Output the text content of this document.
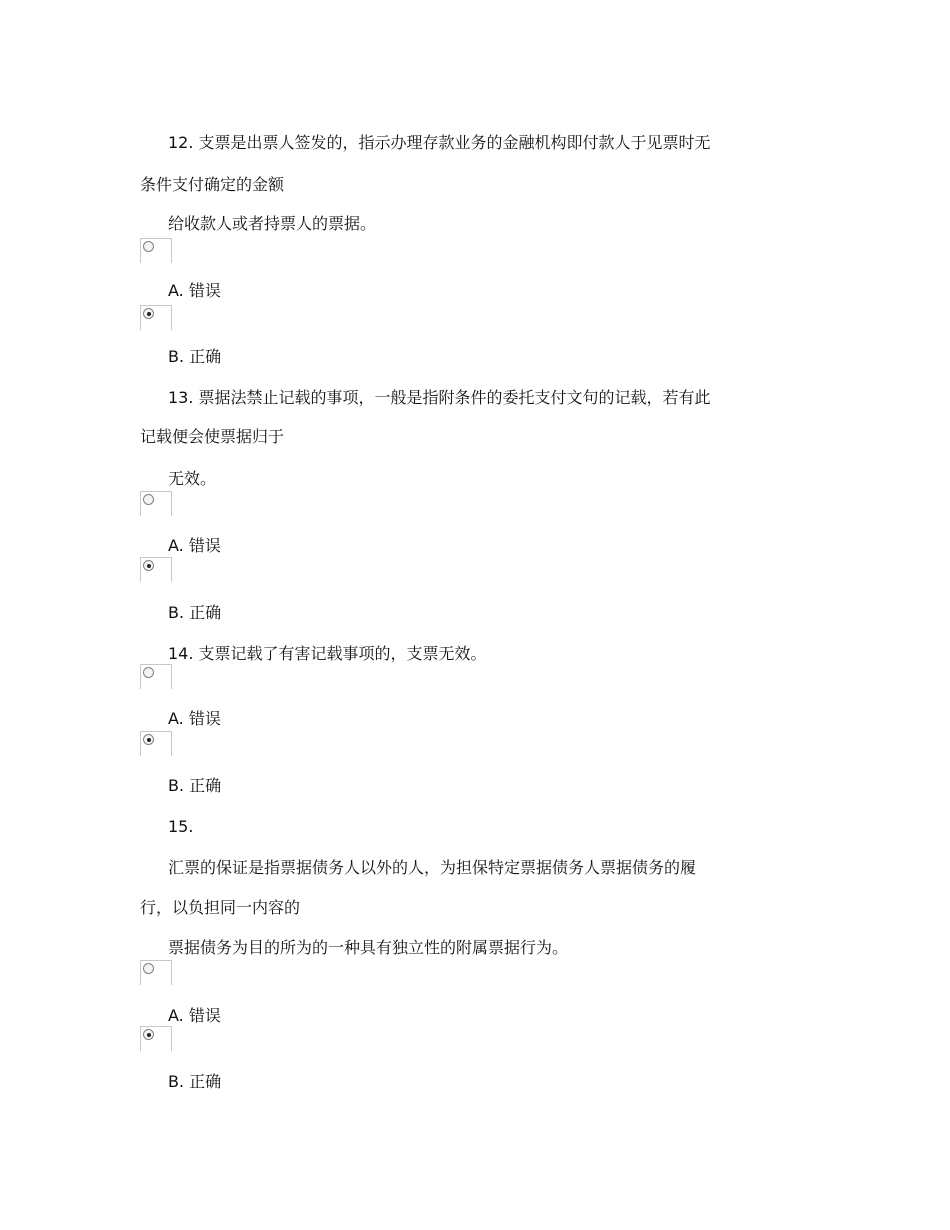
12. 支票是出票人签发的，指示办理存款业务的金融机构即付款人于见票时无
条件支付确定的金额
给收款人或者持票人的票据。
A. 错误
B. 正确
13. 票据法禁止记载的事项，一般是指附条件的委托支付文句的记载，若有此
记载便会使票据归于
无效。
A. 错误
B. 正确
14. 支票记载了有害记载事项的，支票无效。
A. 错误
B. 正确
15.
汇票的保证是指票据债务人以外的人，为担保特定票据债务人票据债务的履
行，以负担同一内容的
票据债务为目的所为的一种具有独立性的附属票据行为。
A. 错误
B. 正确
